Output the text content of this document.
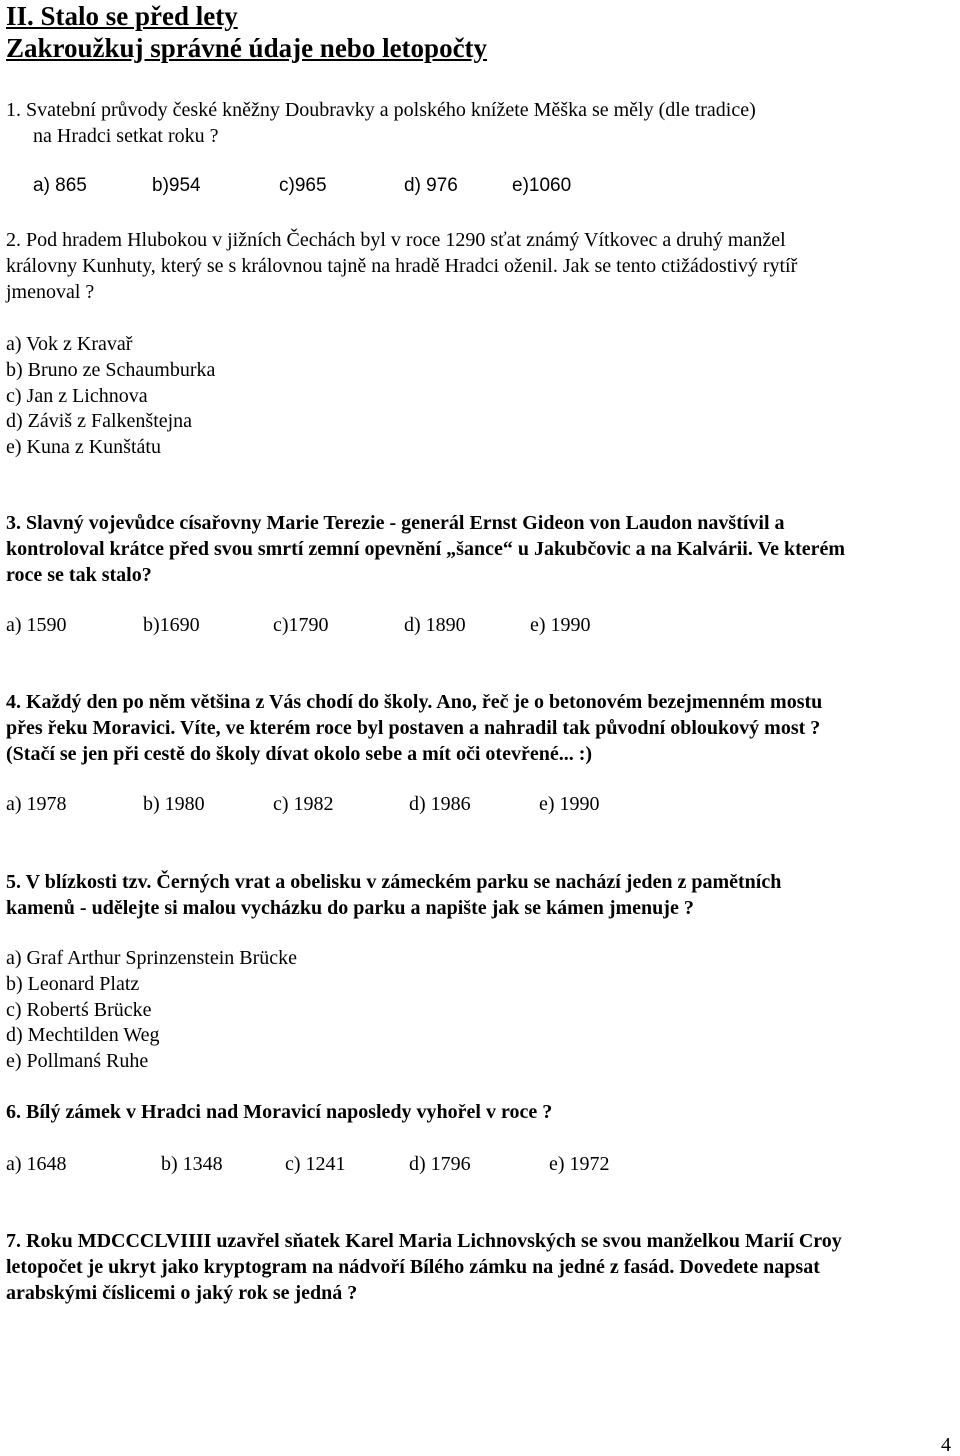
II. Stalo se před lety
Zakroužkuj správné údaje nebo letopočty
1. Svatební průvody české kněžny Doubravky a polského knížete Měška se měly (dle tradice)
na Hradci setkat roku ?
a) 865	b)954	c)965	d) 976	e)1060
2. Pod hradem Hlubokou v jižních Čechách byl v roce 1290 sťat známý Vítkovec a druhý manžel
královny Kunhuty, který se s královnou tajně na hradě Hradci oženil. Jak se tento ctižádostivý rytíř
jmenoval ?
a) Vok z Kravař
b) Bruno ze Schaumburka
c) Jan z Lichnova
d) Záviš z Falkenštejna
e) Kuna z Kunštátu
3. Slavný vojevůdce císařovny Marie Terezie - generál Ernst Gideon von Laudon navštívil a
kontroloval krátce před svou smrtí zemní opevnění „šance“ u Jakubčovic a na Kalvárii. Ve kterém
roce se tak stalo?
a) 1590	b)1690	c)1790	d) 1890	e) 1990
4. Každý den po něm většina z Vás chodí do školy. Ano, řeč je o betonovém bezejmenném mostu
přes řeku Moravici. Víte, ve kterém roce byl postaven a nahradil tak původní obloukový most ?
(Stačí se jen při cestě do školy dívat okolo sebe a mít oči otevřené... :)
a) 1978	b) 1980	c) 1982	d) 1986	e) 1990
5. V blízkosti tzv. Černých vrat a obelisku v zámeckém parku se nachází jeden z pamětních
kamenů - udělejte si malou vycházku do parku a napište jak se kámen jmenuje ?
a) Graf Arthur Sprinzenstein Brücke
b) Leonard Platz
c) Robertś Brücke
d) Mechtilden Weg
e) Pollmanś Ruhe
6. Bílý zámek v Hradci nad Moravicí naposledy vyhořel v roce ?
a) 1648	b) 1348	c) 1241	d) 1796	e) 1972
7. Roku MDCCCLVIIII uzavřel sňatek Karel Maria Lichnovských se svou manželkou Marií Croy
letopočet je ukryt jako kryptogram na nádvoří Bílého zámku na jedné z fasád. Dovedete napsat
arabskými číslicemi o jaký rok se jedná ?
4
